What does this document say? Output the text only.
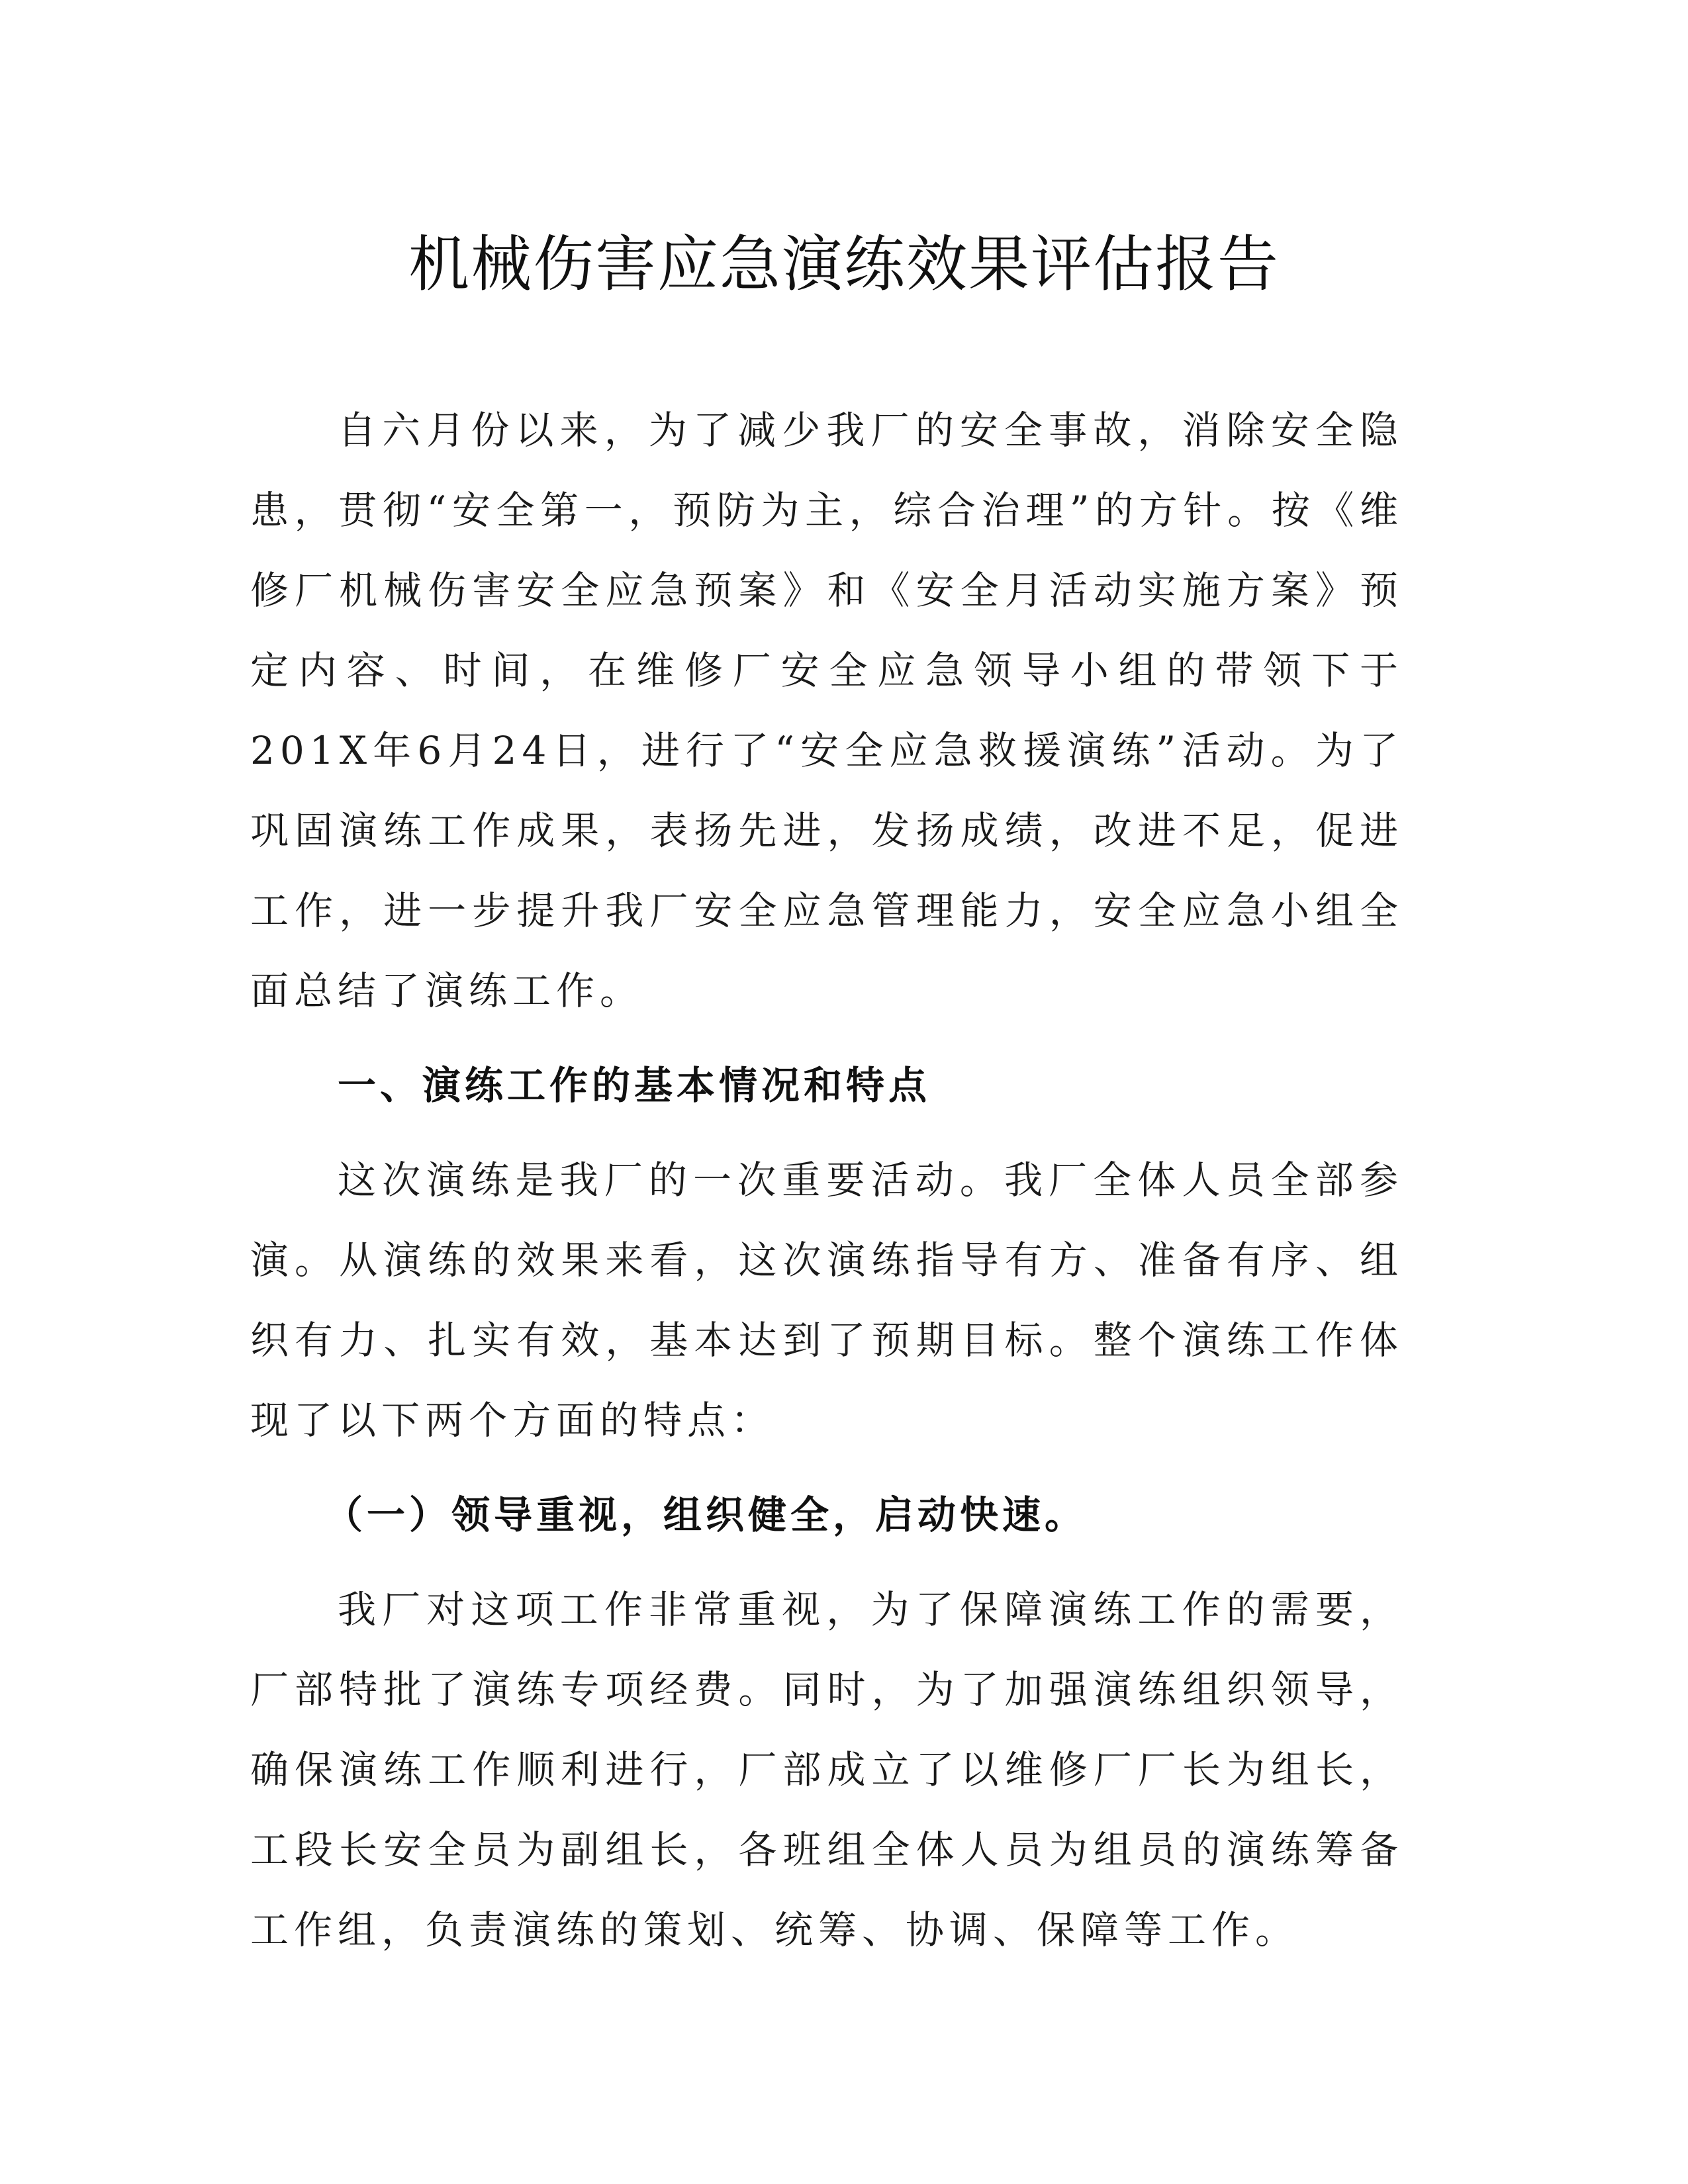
机械伤害应急演练效果评估报告

自六月份以来，为了减少我厂的安全事故，消除安全隐患，贯彻“安全第一，预防为主，综合治理”的方针。按《维修厂机械伤害安全应急预案》和《安全月活动实施方案》预定内容、时间，在维修厂安全应急领导小组的带领下于201X年6月24日，进行了“安全应急救援演练”活动。为了巩固演练工作成果，表扬先进，发扬成绩，改进不足，促进工作，进一步提升我厂安全应急管理能力，安全应急小组全面总结了演练工作。

一、演练工作的基本情况和特点

这次演练是我厂的一次重要活动。我厂全体人员全部参演。从演练的效果来看，这次演练指导有方、准备有序、组织有力、扎实有效，基本达到了预期目标。整个演练工作体现了以下两个方面的特点：

（一）领导重视，组织健全，启动快速。

我厂对这项工作非常重视，为了保障演练工作的需要，厂部特批了演练专项经费。同时，为了加强演练组织领导，确保演练工作顺利进行，厂部成立了以维修厂厂长为组长，工段长安全员为副组长，各班组全体人员为组员的演练筹备工作组，负责演练的策划、统筹、协调、保障等工作。
